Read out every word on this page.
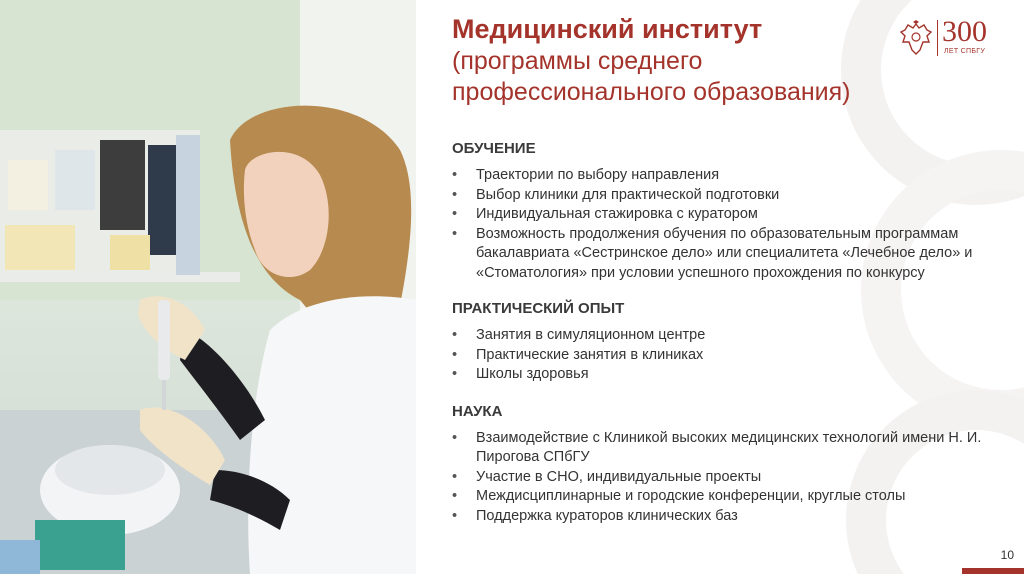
Медицинский институт
(программы среднего
профессионального образования)
300
ЛЕТ СПБГУ
ОБУЧЕНИЕ
• Траектории по выбору направления
• Выбор клиники для практической подготовки
• Индивидуальная стажировка с куратором
• Возможность продолжения обучения по образовательным программам бакалавриата «Сестринское дело» или специалитета «Лечебное дело» и «Стоматология» при условии успешного прохождения по конкурсу
ПРАКТИЧЕСКИЙ ОПЫТ
• Занятия в симуляционном центре
• Практические занятия в клиниках
• Школы здоровья
НАУКА
• Взаимодействие с Клиникой высоких медицинских технологий имени Н. И. Пирогова СПбГУ
• Участие в СНО, индивидуальные проекты
• Междисциплинарные и городские конференции, круглые столы
• Поддержка кураторов клинических баз
10
